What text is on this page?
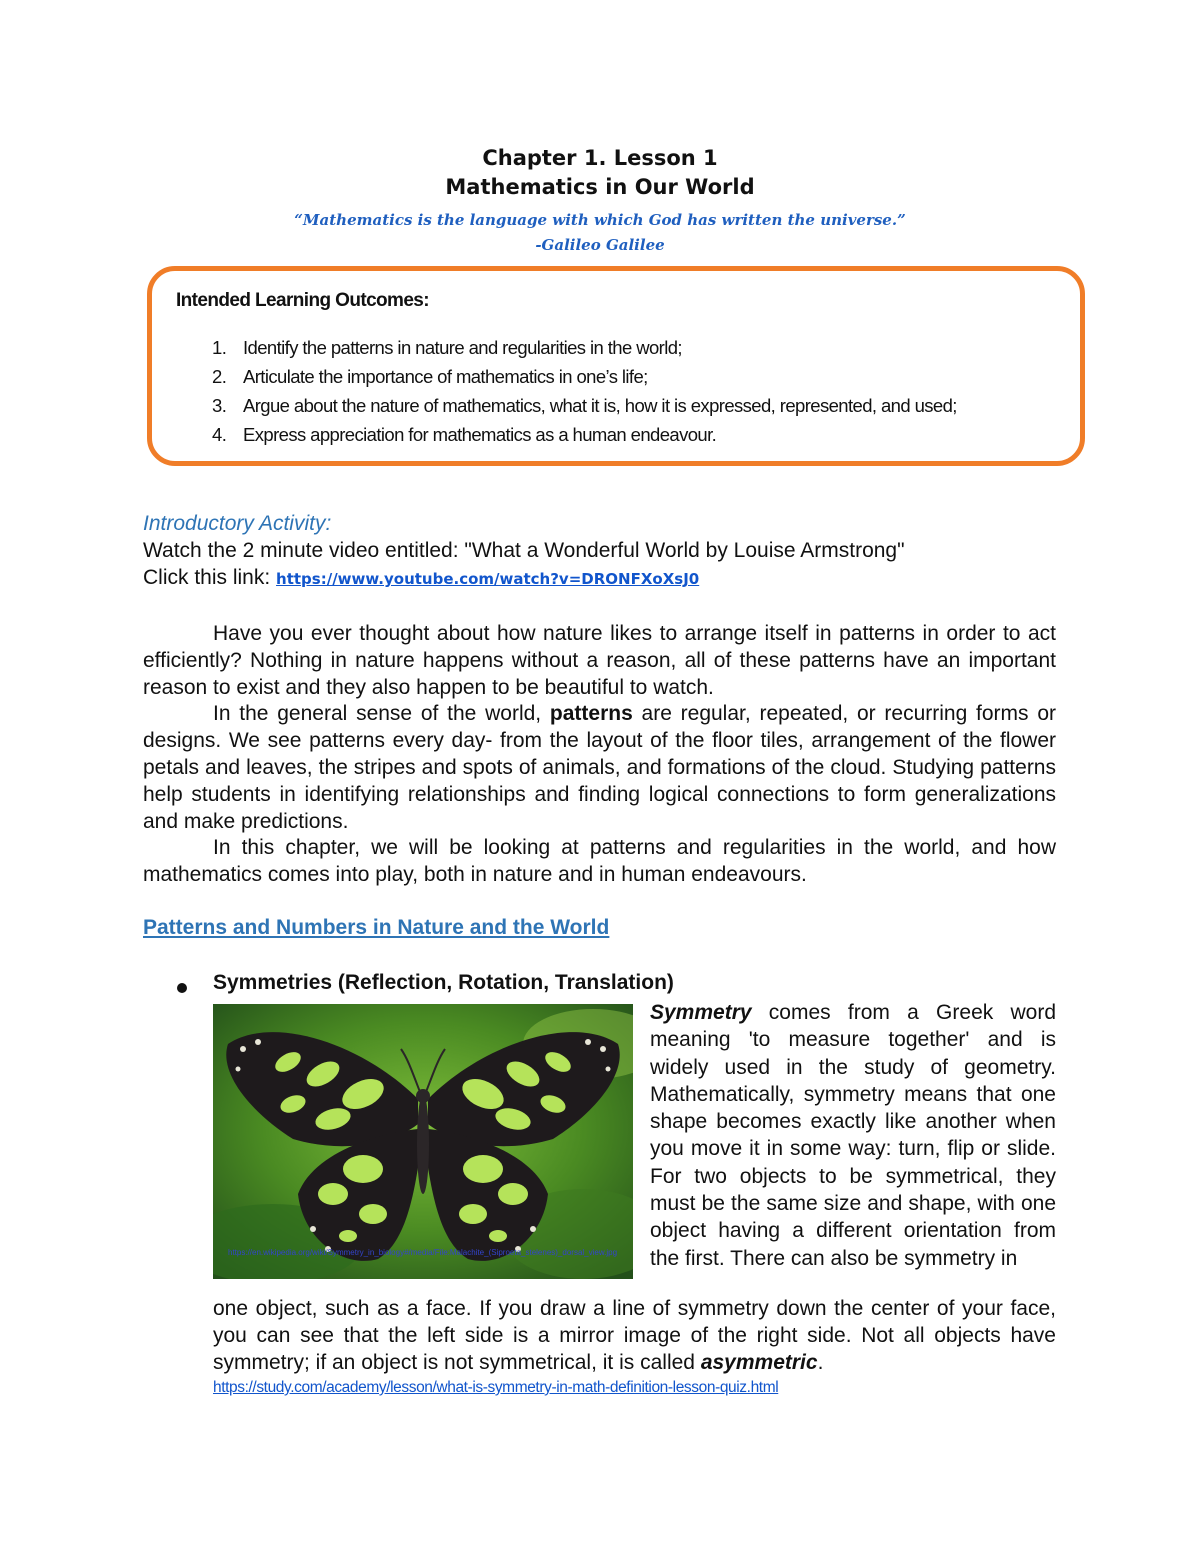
Chapter 1. Lesson 1
Mathematics in Our World
“Mathematics is the language with which God has written the universe.”
-Galileo Galilee
Intended Learning Outcomes:
1. Identify the patterns in nature and regularities in the world;
2. Articulate the importance of mathematics in one’s life;
3. Argue about the nature of mathematics, what it is, how it is expressed, represented, and used;
4. Express appreciation for mathematics as a human endeavour.
Introductory Activity:
Watch the 2 minute video entitled: "What a Wonderful World by Louise Armstrong"
Click this link: https://www.youtube.com/watch?v=DRONFXoXsJ0

Have you ever thought about how nature likes to arrange itself in patterns in order to act efficiently? Nothing in nature happens without a reason, all of these patterns have an important reason to exist and they also happen to be beautiful to watch.

In the general sense of the world, patterns are regular, repeated, or recurring forms or designs. We see patterns every day- from the layout of the floor tiles, arrangement of the flower petals and leaves, the stripes and spots of animals, and formations of the cloud. Studying patterns help students in identifying relationships and finding logical connections to form generalizations and make predictions.

In this chapter, we will be looking at patterns and regularities in the world, and how mathematics comes into play, both in nature and in human endeavours.

Patterns and Numbers in Nature and the World
Symmetries (Reflection, Rotation, Translation)
https://en.wikipedia.org/wiki/Symmetry_in_biology#/media/File:Malachite_(Siproeta_stelenes)_dorsal_view.jpg

Symmetry comes from a Greek word meaning 'to measure together' and is widely used in the study of geometry. Mathematically, symmetry means that one shape becomes exactly like another when you move it in some way: turn, flip or slide. For two objects to be symmetrical, they must be the same size and shape, with one object having a different orientation from the first. There can also be symmetry in

one object, such as a face. If you draw a line of symmetry down the center of your face, you can see that the left side is a mirror image of the right side. Not all objects have symmetry; if an object is not symmetrical, it is called asymmetric.

https://study.com/academy/lesson/what-is-symmetry-in-math-definition-lesson-quiz.html
